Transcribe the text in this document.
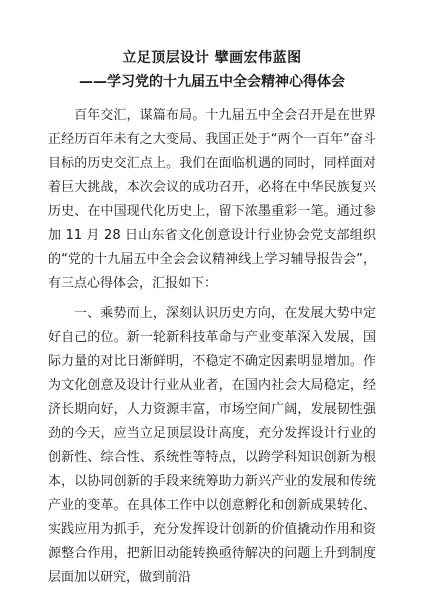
立足顶层设计 擘画宏伟蓝图
——学习党的十九届五中全会精神心得体会

百年交汇，谋篇布局。十九届五中全会召开是在世界正经历百年未有之大变局、我国正处于“两个一百年”奋斗目标的历史交汇点上。我们在面临机遇的同时，同样面对着巨大挑战，本次会议的成功召开，必将在中华民族复兴历史、在中国现代化历史上，留下浓墨重彩一笔。通过参加 11 月 28 日山东省文化创意设计行业协会党支部组织的“党的十九届五中全会会议精神线上学习辅导报告会”，有三点心得体会，汇报如下：

一、乘势而上，深刻认识历史方向，在发展大势中定好自己的位。新一轮新科技革命与产业变革深入发展，国际力量的对比日渐鲜明，不稳定不确定因素明显增加。作为文化创意及设计行业从业者，在国内社会大局稳定，经济长期向好，人力资源丰富，市场空间广阔，发展韧性强劲的今天，应当立足顶层设计高度，充分发挥设计行业的创新性、综合性、系统性等特点，以跨学科知识创新为根本，以协同创新的手段来统筹助力新兴产业的发展和传统产业的变革。在具体工作中以创意孵化和创新成果转化、实践应用为抓手，充分发挥设计创新的价值撬动作用和资源整合作用，把新旧动能转换亟待解决的问题上升到制度层面加以研究，做到前沿
